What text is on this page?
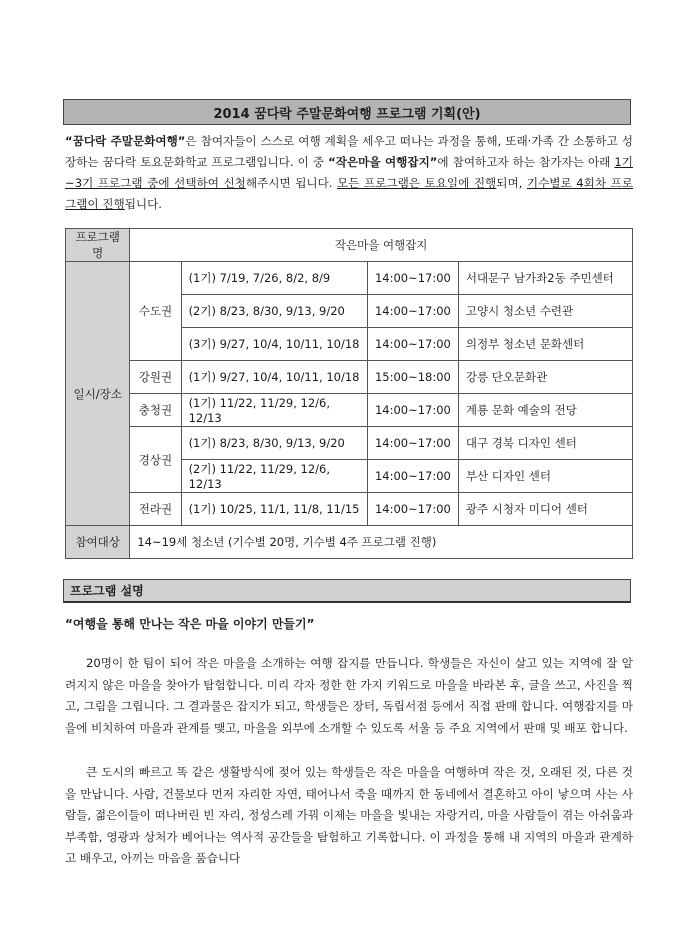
2014 꿈다락 주말문화여행 프로그램 기획(안)
“꿈다락 주말문화여행”은 참여자들이 스스로 여행 계획을 세우고 떠나는 과정을 통해, 또래·가족 간 소통하고 성장하는 꿈다락 토요문화학교 프로그램입니다. 이 중 “작은마을 여행잡지”에 참여하고자 하는 참가자는 아래 1기~3기 프로그램 중에 선택하여 신청해주시면 됩니다. 모든 프로그램은 토요일에 진행되며, 기수별로 4회차 프로그램이 진행됩니다.
프로그램명	작은마을 여행잡지			
일시/장소	수도권	(1기) 7/19, 7/26, 8/2, 8/9	14:00~17:00	서대문구 남가좌2동 주민센터
		(2기) 8/23, 8/30, 9/13, 9/20	14:00~17:00	고양시 청소년 수련관
		(3기) 9/27, 10/4, 10/11, 10/18	14:00~17:00	의정부 청소년 문화센터
	강원권	(1기) 9/27, 10/4, 10/11, 10/18	15:00~18:00	강릉 단오문화관
	충청권	(1기) 11/22, 11/29, 12/6, 12/13	14:00~17:00	계룡 문화 예술의 전당
	경상권	(1기) 8/23, 8/30, 9/13, 9/20	14:00~17:00	대구 경북 디자인 센터
		(2기) 11/22, 11/29, 12/6, 12/13	14:00~17:00	부산 디자인 센터
	전라권	(1기) 10/25, 11/1, 11/8, 11/15	14:00~17:00	광주 시청자 미디어 센터
참여대상	14~19세 청소년 (기수별 20명, 기수별 4주 프로그램 진행)			
프로그램 설명
“여행을 통해 만나는 작은 마을 이야기 만들기”

20명이 한 팀이 되어 작은 마을을 소개하는 여행 잡지를 만듭니다. 학생들은 자신이 살고 있는 지역에 잘 알려지지 않은 마을을 찾아가 탐험합니다. 미리 각자 정한 한 가지 키워드로 마을을 바라본 후, 글을 쓰고, 사진을 찍고, 그림을 그립니다. 그 결과물은 잡지가 되고, 학생들은 장터, 독립서점 등에서 직접 판매 합니다. 여행잡지를 마을에 비치하여 마을과 관계를 맺고, 마을을 외부에 소개할 수 있도록 서울 등 주요 지역에서 판매 및 배포 합니다.

큰 도시의 빠르고 똑 같은 생활방식에 젖어 있는 학생들은 작은 마을을 여행하며 작은 것, 오래된 것, 다른 것을 만납니다. 사람, 건물보다 먼저 자리한 자연, 태어나서 죽을 때까지 한 동네에서 결혼하고 아이 낳으며 사는 사람들, 젊은이들이 떠나버린 빈 자리, 정성스레 가꿔 이제는 마을을 빛내는 자랑거리, 마을 사람들이 겪는 아쉬움과 부족함, 영광과 상처가 베어나는 역사적 공간들을 탐험하고 기록합니다. 이 과정을 통해 내 지역의 마을과 관계하고 배우고, 아끼는 마음을 품습니다
